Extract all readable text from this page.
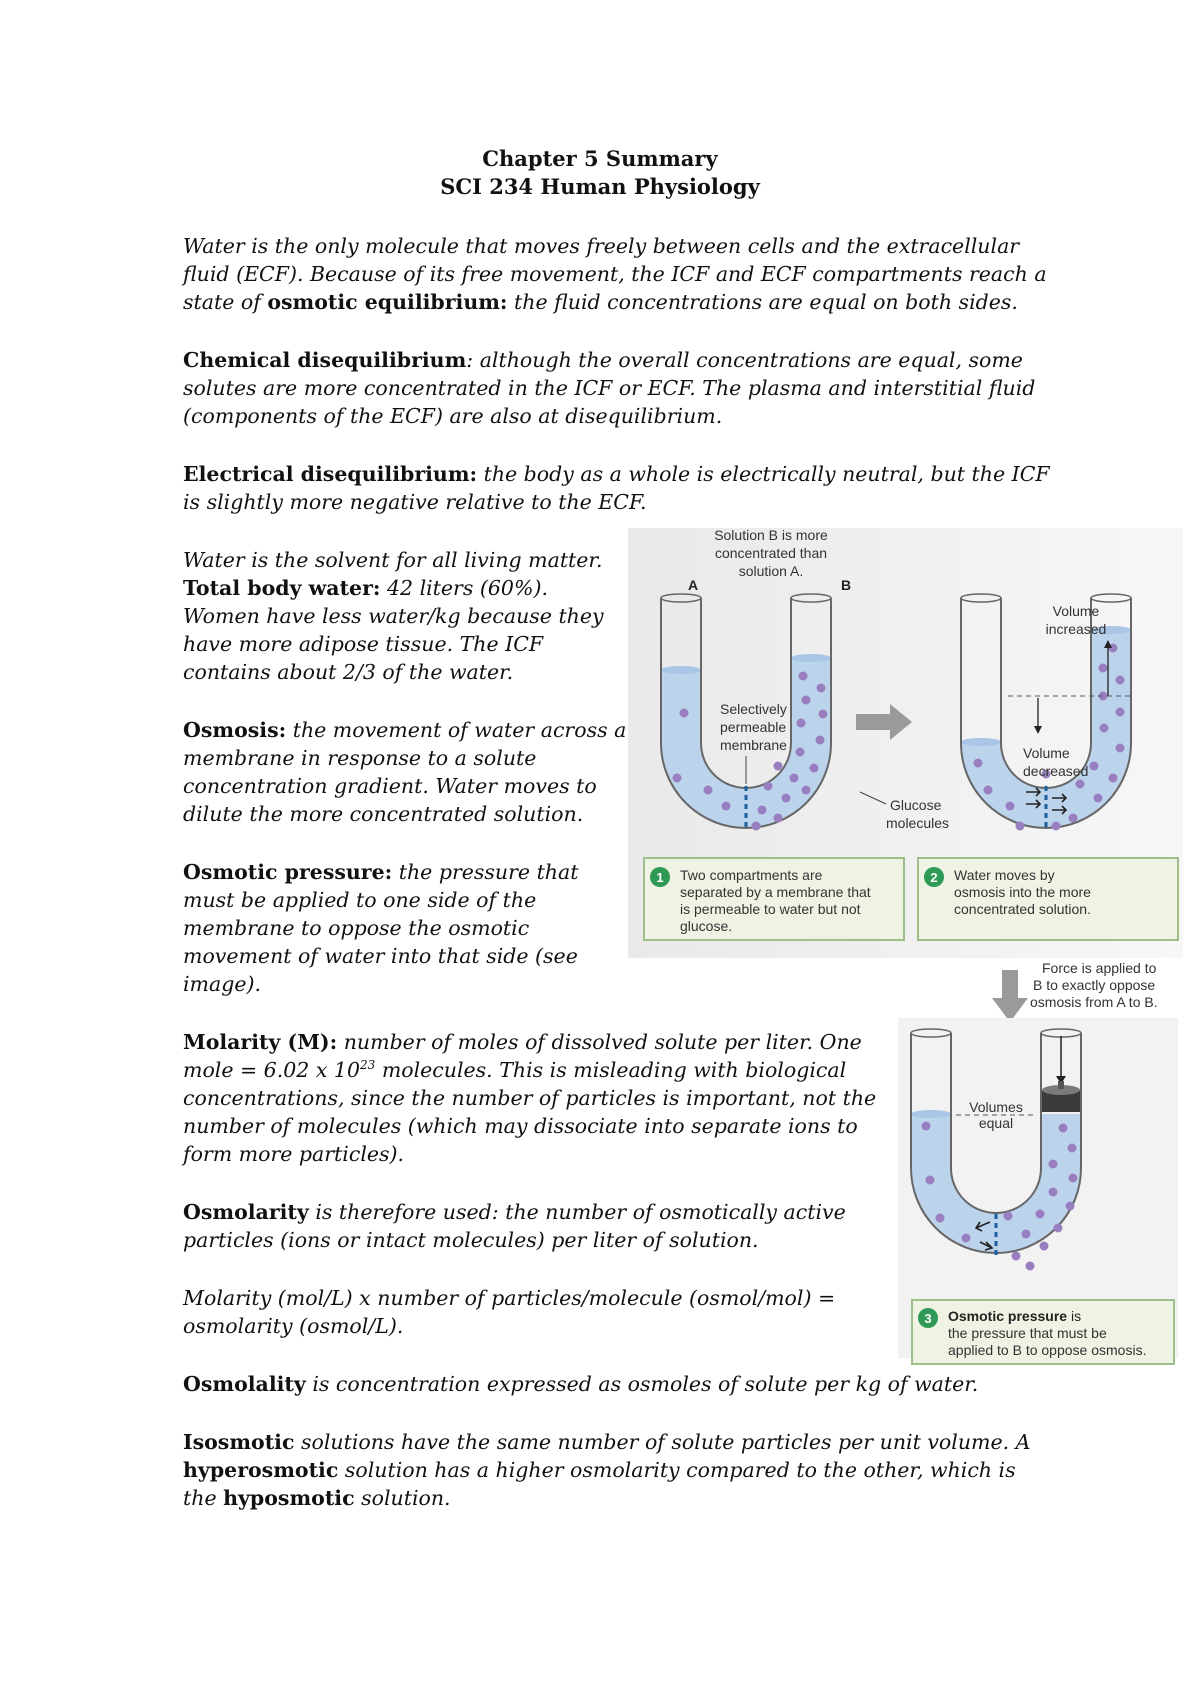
Chapter 5 Summary
SCI 234 Human Physiology
Water is the only molecule that moves freely between cells and the extracellular
fluid (ECF). Because of its free movement, the ICF and ECF compartments reach a
state of osmotic equilibrium: the fluid concentrations are equal on both sides.
Chemical disequilibrium: although the overall concentrations are equal, some
solutes are more concentrated in the ICF or ECF. The plasma and interstitial fluid
(components of the ECF) are also at disequilibrium.
Electrical disequilibrium: the body as a whole is electrically neutral, but the ICF
is slightly more negative relative to the ECF.
Water is the solvent for all living matter.
Total body water: 42 liters (60%).
Women have less water/kg because they
have more adipose tissue. The ICF
contains about 2/3 of the water.
Osmosis: the movement of water across a
membrane in response to a solute
concentration gradient. Water moves to
dilute the more concentrated solution.
Osmotic pressure: the pressure that
must be applied to one side of the
membrane to oppose the osmotic
movement of water into that side (see
image).
Molarity (M): number of moles of dissolved solute per liter. One
mole = 6.02 x $10^{23}$ molecules. This is misleading with biological
concentrations, since the number of particles is important, not the
number of molecules (which may dissociate into separate ions to
form more particles).
Osmolarity is therefore used: the number of osmotically active
particles (ions or intact molecules) per liter of solution.
Molarity (mol/L) x number of particles/molecule (osmol/mol) =
osmolarity (osmol/L).
Osmolality is concentration expressed as osmoles of solute per kg of water.
Isosmotic solutions have the same number of solute particles per unit volume. A
hyperosmotic solution has a higher osmolarity compared to the other, which is
the hyposmotic solution.
Solution B is more
concentrated than
solution A.
A	B
Selectively
permeable
membrane
Glucose
molecules
Volume
increased
Volume
decreased
1 Two compartments are
separated by a membrane that
is permeable to water but not
glucose.
2 Water moves by
osmosis into the more
concentrated solution.
Force is applied to
B to exactly oppose
osmosis from A to B.
Volumes
equal
3 Osmotic pressure is
the pressure that must be
applied to B to oppose osmosis.
